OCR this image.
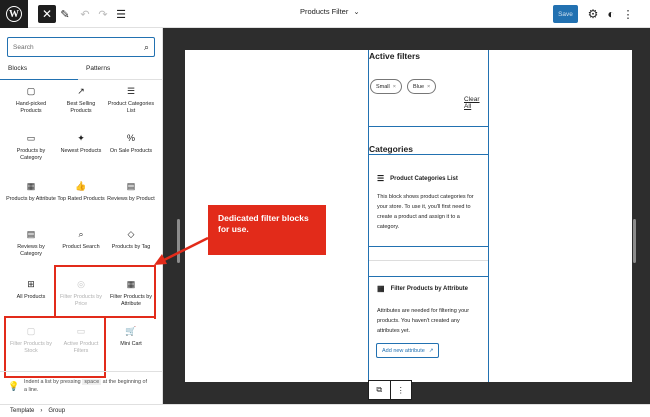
W	✕ ✎ ↶ ↷ ☰	Products Filter ⌄	Save	⚙ ◐ ⋮
Search	⌕
Blocks	Patterns
▢
Hand-picked Products
↗
Best Selling Products
☰
Product Categories List
▭
Products by Category
✦
Newest Products
%
On Sale Products
▦
Products by Attribute
👍
Top Rated Products
▤
Reviews by Product
▤
Reviews by Category
⌕
Product Search
◇
Products by Tag
⊞
All Products
◎
Filter Products by Price
▦
Filter Products by Attribute
▢
Filter Products by Stock
▭
Active Product Filters
🛒
Mini Cart
💡 Indent a list by pressing space at the beginning of a line.
Active filters
Small ×	Blue ×
Clear All
Categories
☰ Product Categories List
This block shows product categories for your store. To use it, you'll first need to create a product and assign it to a category.
▦ Filter Products by Attribute
Attributes are needed for filtering your products. You haven't created any attributes yet.
Add new attribute ↗
⧉	⋮
Dedicated filter blocks for use.
Template › Group
